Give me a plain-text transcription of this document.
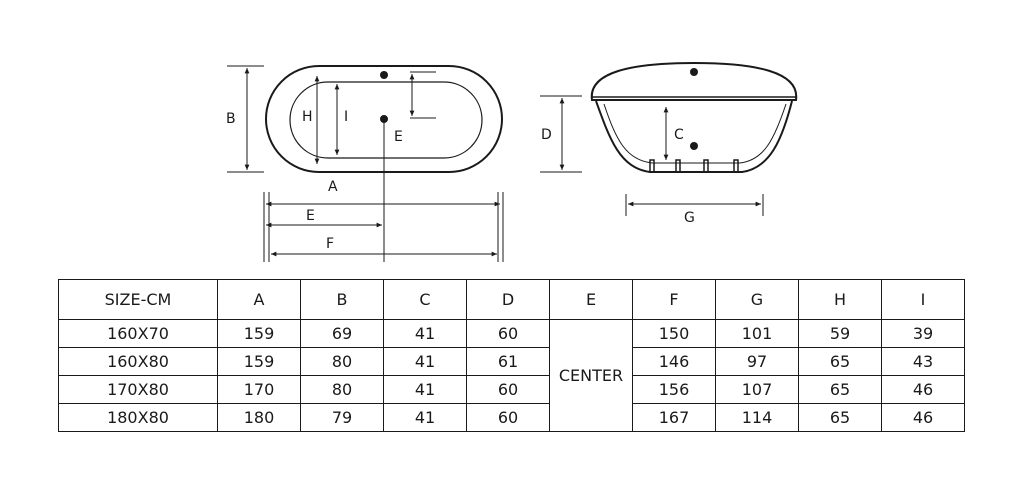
B	H I
E
A
E
F
D	C
G
SIZE-CM	A	B	C	D	E	F	G	H	I
160X70	159	69	41	60	CENTER	150	101	59	39
160X80	159	80	41	61		146	97	65	43
170X80	170	80	41	60		156	107	65	46
180X80	180	79	41	60		167	114	65	46
